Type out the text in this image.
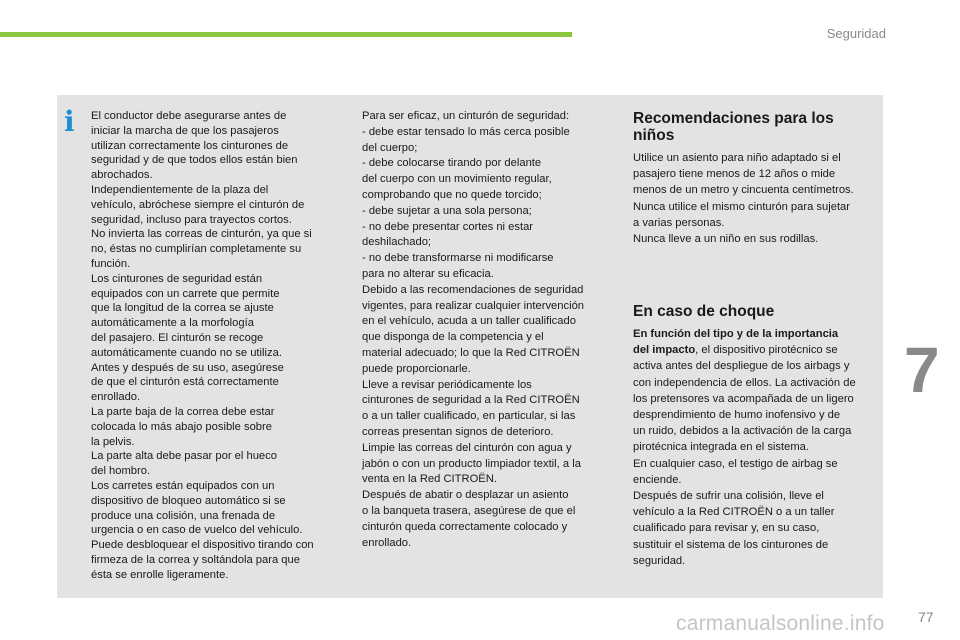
Seguridad
i El conductor debe asegurarse antes de
iniciar la marcha de que los pasajeros
utilizan correctamente los cinturones de
seguridad y de que todos ellos están bien
abrochados.
Independientemente de la plaza del
vehículo, abróchese siempre el cinturón de
seguridad, incluso para trayectos cortos.
No invierta las correas de cinturón, ya que si
no, éstas no cumplirían completamente su
función.
Los cinturones de seguridad están
equipados con un carrete que permite
que la longitud de la correa se ajuste
automáticamente a la morfología
del pasajero. El cinturón se recoge
automáticamente cuando no se utiliza.
Antes y después de su uso, asegúrese
de que el cinturón está correctamente
enrollado.
La parte baja de la correa debe estar
colocada lo más abajo posible sobre
la pelvis.
La parte alta debe pasar por el hueco
del hombro.
Los carretes están equipados con un
dispositivo de bloqueo automático si se
produce una colisión, una frenada de
urgencia o en caso de vuelco del vehículo.
Puede desbloquear el dispositivo tirando con
firmeza de la correa y soltándola para que
ésta se enrolle ligeramente.
Para ser eficaz, un cinturón de seguridad:
- debe estar tensado lo más cerca posible
del cuerpo;
- debe colocarse tirando por delante
del cuerpo con un movimiento regular,
comprobando que no quede torcido;
- debe sujetar a una sola persona;
- no debe presentar cortes ni estar
deshilachado;
- no debe transformarse ni modificarse
para no alterar su eficacia.
Debido a las recomendaciones de seguridad
vigentes, para realizar cualquier intervención
en el vehículo, acuda a un taller cualificado
que disponga de la competencia y el
material adecuado; lo que la Red CITROËN
puede proporcionarle.
Lleve a revisar periódicamente los
cinturones de seguridad a la Red CITROËN
o a un taller cualificado, en particular, si las
correas presentan signos de deterioro.
Limpie las correas del cinturón con agua y
jabón o con un producto limpiador textil, a la
venta en la Red CITROËN.
Después de abatir o desplazar un asiento
o la banqueta trasera, asegúrese de que el
cinturón queda correctamente colocado y
enrollado.
Recomendaciones para los niños
Utilice un asiento para niño adaptado si el
pasajero tiene menos de 12 años o mide
menos de un metro y cincuenta centímetros.
Nunca utilice el mismo cinturón para sujetar
a varias personas.
Nunca lleve a un niño en sus rodillas.
En caso de choque
En función del tipo y de la importancia
del impacto, el dispositivo pirotécnico se
activa antes del despliegue de los airbags y
con independencia de ellos. La activación de
los pretensores va acompañada de un ligero
desprendimiento de humo inofensivo y de
un ruido, debidos a la activación de la carga
pirotécnica integrada en el sistema.
En cualquier caso, el testigo de airbag se
enciende.
Después de sufrir una colisión, lleve el
vehículo a la Red CITROËN o a un taller
cualificado para revisar y, en su caso,
sustituir el sistema de los cinturones de
seguridad.
7
carmanualsonline.info 77
